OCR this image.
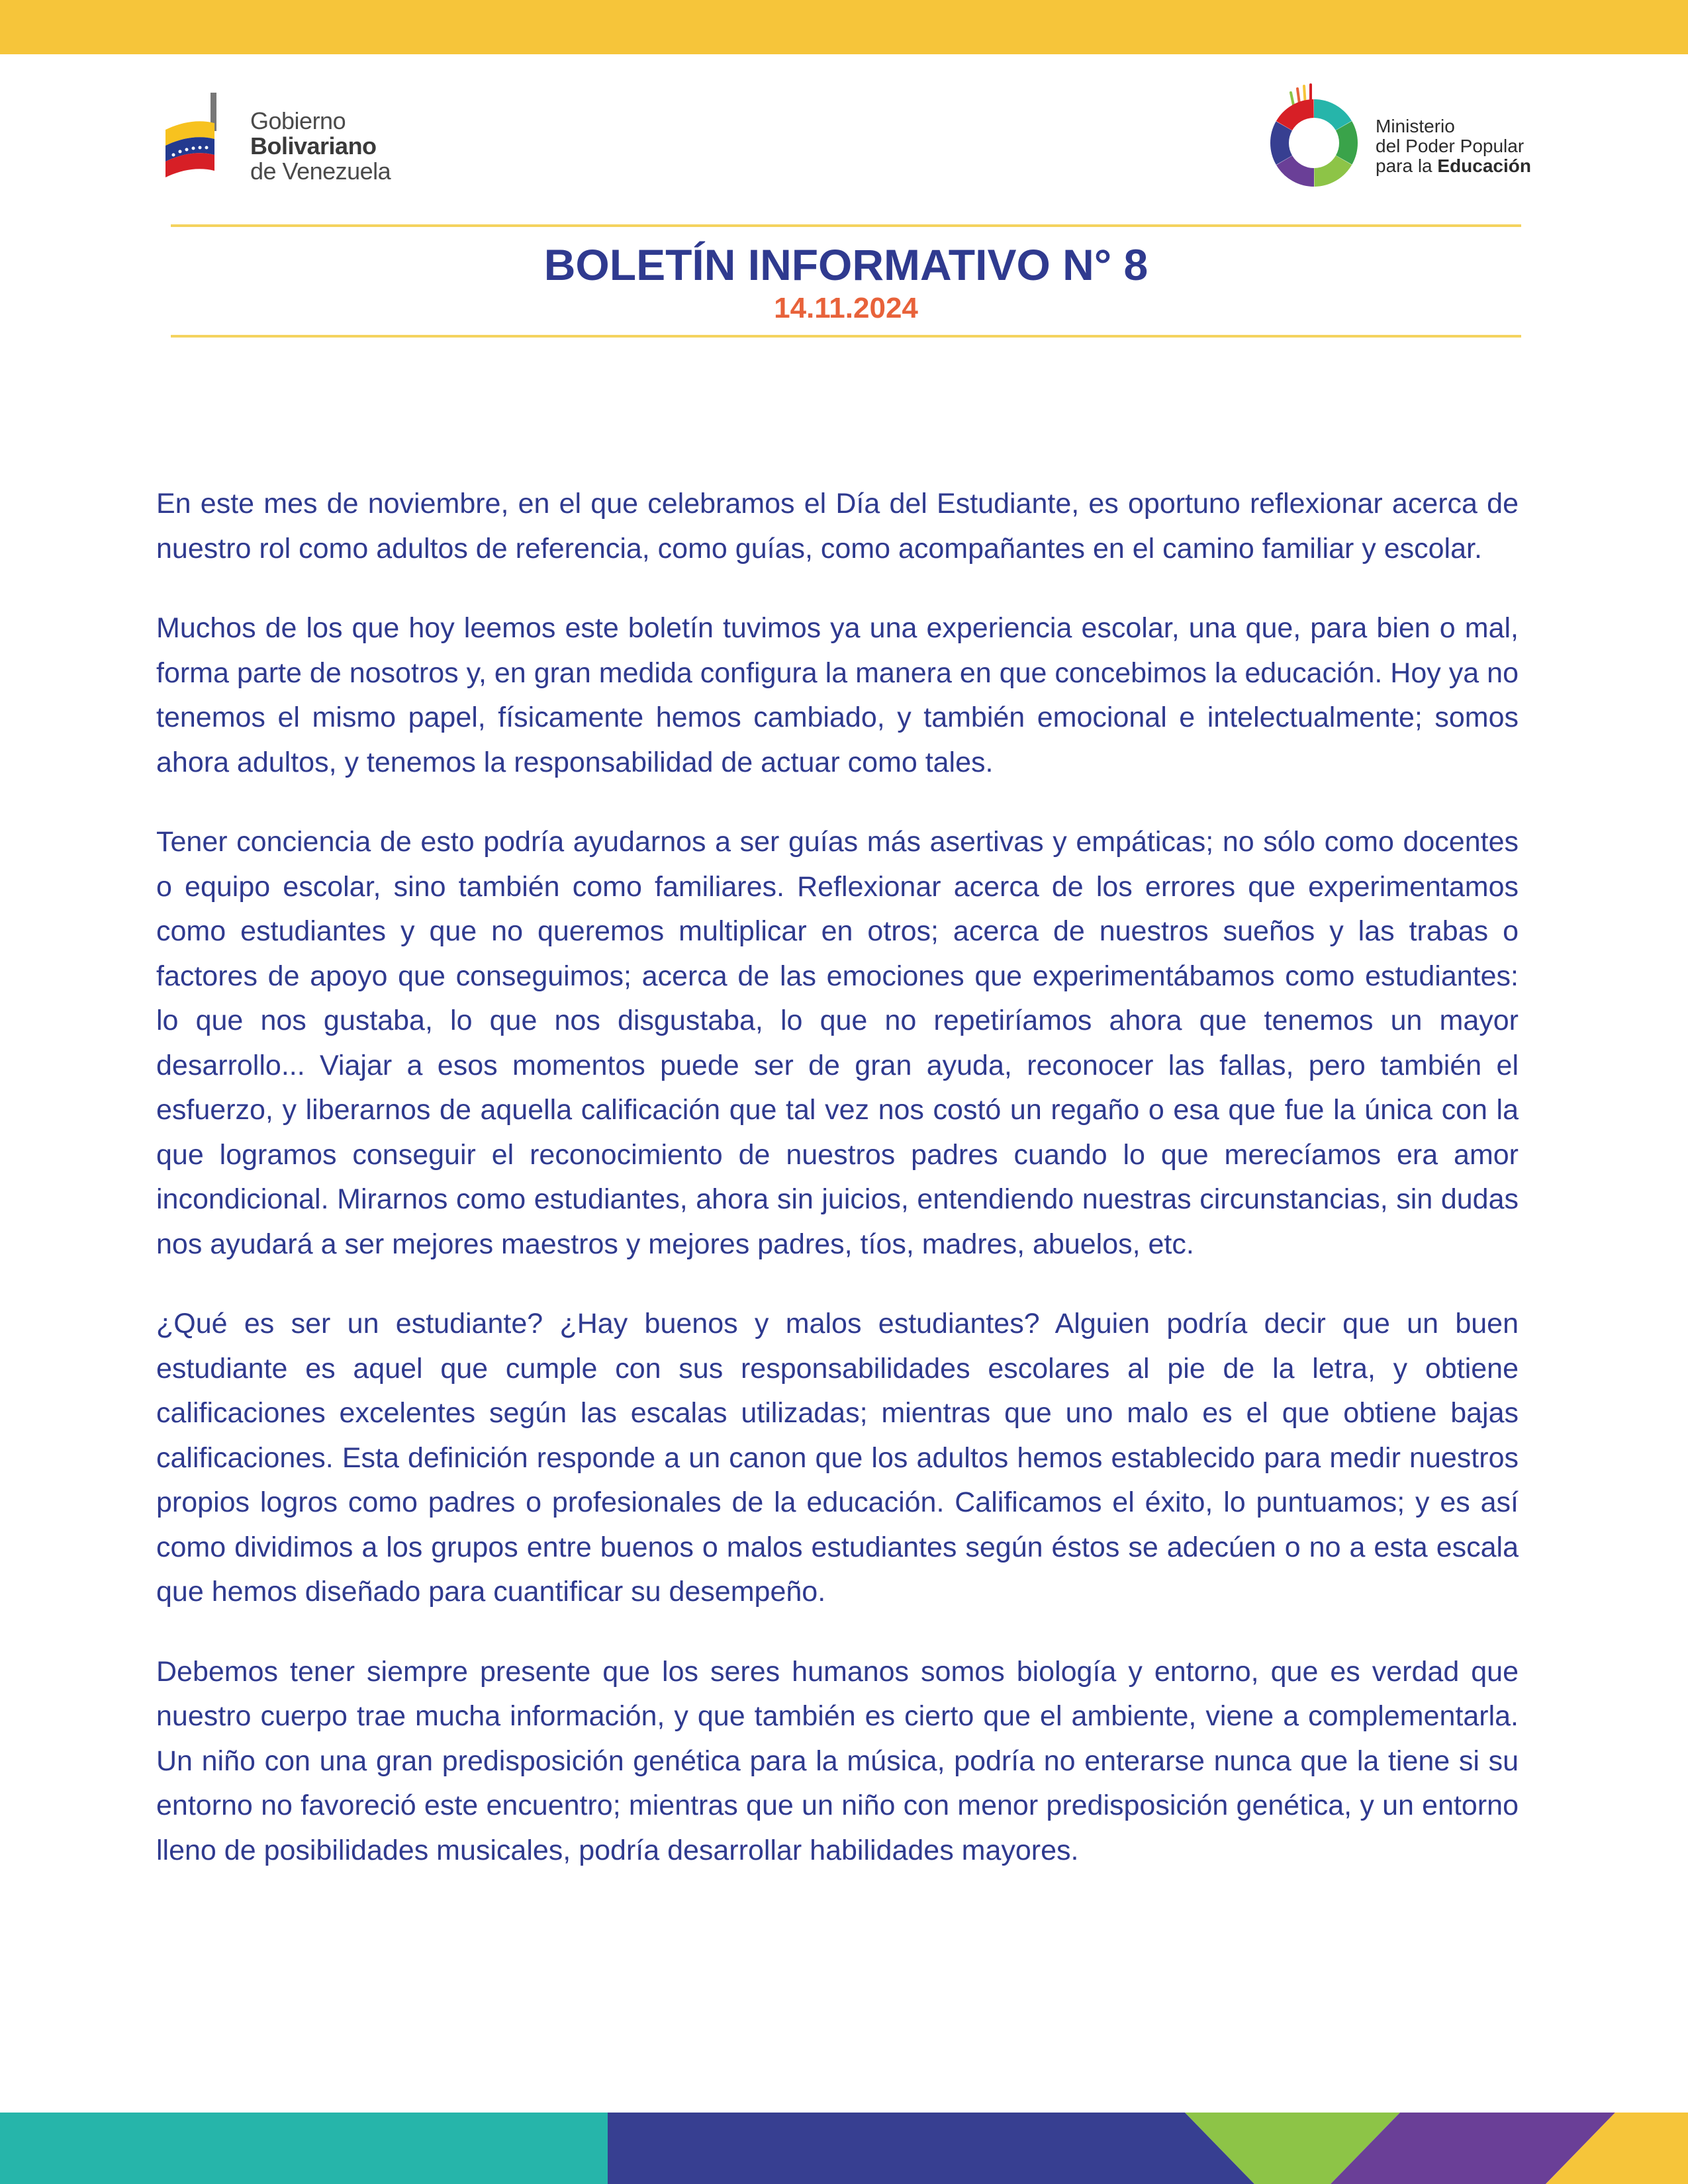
Gobierno
Bolivariano
de Venezuela
Ministerio
del Poder Popular
para la Educación
BOLETÍN INFORMATIVO N° 8
14.11.2024

En este mes de noviembre, en el que celebramos el Día del Estudiante, es oportuno reflexionar acerca de nuestro rol como adultos de referencia, como guías, como acompañantes en el camino familiar y escolar.

Muchos de los que hoy leemos este boletín tuvimos ya una experiencia escolar, una que, para bien o mal, forma parte de nosotros y, en gran medida configura la manera en que concebimos la educación. Hoy ya no tenemos el mismo papel, físicamente hemos cambiado, y también emocional e intelectualmente; somos ahora adultos, y tenemos la responsabilidad de actuar como tales.

Tener conciencia de esto podría ayudarnos a ser guías más asertivas y empáticas; no sólo como docentes o equipo escolar, sino también como familiares. Reflexionar acerca de los errores que experimentamos como estudiantes y que no queremos multiplicar en otros; acerca de nuestros sueños y las trabas o factores de apoyo que conseguimos; acerca de las emociones que experimentábamos como estudiantes: lo que nos gustaba, lo que nos disgustaba, lo que no repetiríamos ahora que tenemos un mayor desarrollo... Viajar a esos momentos puede ser de gran ayuda, reconocer las fallas, pero también el esfuerzo, y liberarnos de aquella calificación que tal vez nos costó un regaño o esa que fue la única con la que logramos conseguir el reconocimiento de nuestros padres cuando lo que merecíamos era amor incondicional. Mirarnos como estudiantes, ahora sin juicios, entendiendo nuestras circunstancias, sin dudas nos ayudará a ser mejores maestros y mejores padres, tíos, madres, abuelos, etc.

¿Qué es ser un estudiante? ¿Hay buenos y malos estudiantes? Alguien podría decir que un buen estudiante es aquel que cumple con sus responsabilidades escolares al pie de la letra, y obtiene calificaciones excelentes según las escalas utilizadas; mientras que uno malo es el que obtiene bajas calificaciones. Esta definición responde a un canon que los adultos hemos establecido para medir nuestros propios logros como padres o profesionales de la educación. Calificamos el éxito, lo puntuamos; y es así como dividimos a los grupos entre buenos o malos estudiantes según éstos se adecúen o no a esta escala que hemos diseñado para cuantificar su desempeño.

Debemos tener siempre presente que los seres humanos somos biología y entorno, que es verdad que nuestro cuerpo trae mucha información, y que también es cierto que el ambiente, viene a complementarla. Un niño con una gran predisposición genética para la música, podría no enterarse nunca que la tiene si su entorno no favoreció este encuentro; mientras que un niño con menor predisposición genética, y un entorno lleno de posibilidades musicales, podría desarrollar habilidades mayores.
